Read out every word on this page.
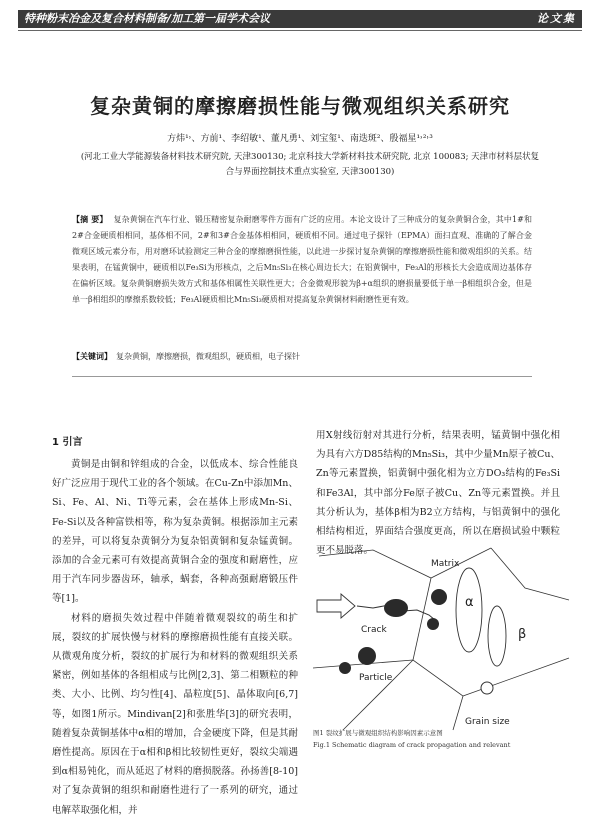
特种粉末冶金及复合材料制备/加工第一届学术会议	论文集
复杂黄铜的摩擦磨损性能与微观组织关系研究
方炜¹˒、方前¹、李绍敏¹、董凡勇¹、刘宝玺¹、南迭斑²、殷福星¹˒²˒³
(河北工业大学能源装备材料技术研究院, 天津300130; 北京科技大学新材料技术研究院, 北京 100083; 天津市材料层状复
合与界面控制技术重点实验室, 天津300130)
【摘 要】 复杂黄铜在汽车行业、锻压精密复杂耐磨零件方面有广泛的应用。本论文设计了三种成分的复杂黄铜合金，其中1#和2#合金硬质相相同，基体相不同，2#和3#合金基体相相同，硬质相不同。通过电子探针（EPMA）面扫直观、准确的了解合金微观区域元素分布，用对磨环试验测定三种合金的摩擦磨损性能，以此进一步探讨复杂黄铜的摩擦磨损性能和微观组织的关系。结果表明，在锰黄铜中，硬质相以Fe₃Si为形核点，之后Mn₅Si₃在核心周边长大；在铝黄铜中，Fe₃Al的形核长大会造成周边基体存在偏析区域。复杂黄铜磨损失效方式和基体相属性关联性更大；合金微观形貌为β+α组织的磨损量要低于单一β相组织合金，但是单一β相组织的摩擦系数较低；Fe₃Al硬质相比Mn₅Si₃硬质相对提高复杂黄铜材料耐磨性更有效。
【关键词】 复杂黄铜，摩擦磨损，微观组织，硬质相，电子探针
1 引言

黄铜是由铜和锌组成的合金，以低成本、综合性能良好广泛应用于现代工业的各个领域。在Cu-Zn中添加Mn、Si、Fe、Al、Ni、Ti等元素，会在基体上形成Mn-Si、Fe-Si以及各种富铁相等，称为复杂黄铜。根据添加主元素的差异，可以将复杂黄铜分为复杂铝黄铜和复杂锰黄铜。添加的合金元素可有效提高黄铜合金的强度和耐磨性，应用于汽车同步器齿环，轴承，蜗套，各种高强耐磨锻压件等[1]。

材料的磨损失效过程中伴随着微观裂纹的萌生和扩展，裂纹的扩展快慢与材料的摩擦磨损性能有直接关联。从微观角度分析，裂纹的扩展行为和材料的微观组织关系紧密，例如基体的各组相成与比例[2,3]、第二相颗粒的种类、大小、比例、均匀性[4]、晶粒度[5]、晶体取向[6,7]等，如图1所示。Mindivan[2]和张胜华[3]的研究表明，随着复杂黄铜基体中α相的增加，合金硬度下降，但是其耐磨性提高。原因在于α相和β相比较韧性更好，裂纹尖端遇到α相易钝化，而从延迟了材料的磨损脱落。孙扬善[8-10]对了复杂黄铜的组织和耐磨性进行了一系列的研究，通过电解萃取强化相，并

用X射线衍射对其进行分析，结果表明，锰黄铜中强化相为具有六方D85结构的Mn₅Si₃，其中少量Mn原子被Cu、Zn等元素置换，铝黄铜中强化相为立方DO₃结构的Fe₃Si和Fe3Al，其中部分Fe原子被Cu、Zn等元素置换。并且其分析认为，基体β相为B2立方结构，与铝黄铜中的强化相结构相近，界面结合强度更高，所以在磨损试验中颗粒更不易脱落。

Matrix
α
β
Crack
Particle
Grain size
图1 裂纹扩展与微观组织结构影响因素示意图
Fig.1 Schematic diagram of crack propagation and relevant
